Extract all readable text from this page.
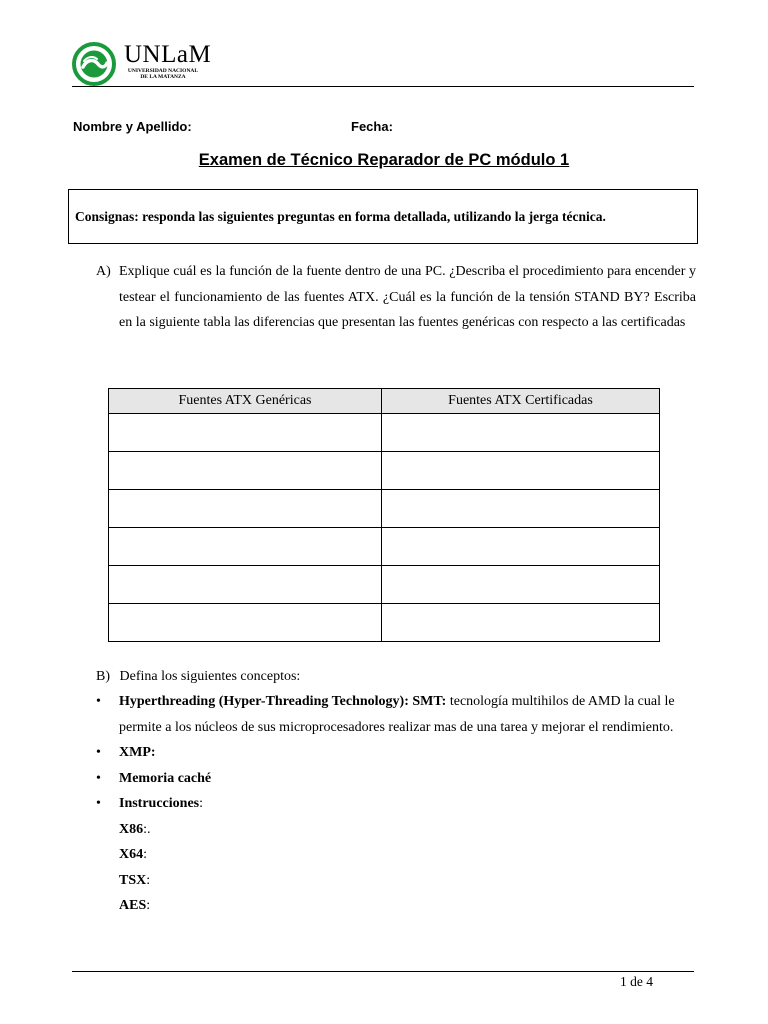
UNLaM
UNIVERSIDAD NACIONAL
DE LA MATANZA
Nombre y Apellido:	Fecha:
Examen de Técnico Reparador de PC módulo 1
Consignas: responda las siguientes preguntas en forma detallada, utilizando la jerga técnica.
A) Explique cuál es la función de la fuente dentro de una PC. ¿Describa el procedimiento para encender y testear el funcionamiento de las fuentes ATX. ¿Cuál es la función de la tensión STAND BY? Escriba en la siguiente tabla las diferencias que presentan las fuentes genéricas con respecto a las certificadas
Fuentes ATX Genéricas	Fuentes ATX Certificadas

B) Defina los siguientes conceptos:
• Hyperthreading (Hyper-Threading Technology): SMT: tecnología multihilos de AMD la cual le permite a los núcleos de sus microprocesadores realizar mas de una tarea y mejorar el rendimiento.
• XMP:
• Memoria caché
• Instrucciones:
X86:.
X64:
TSX:
AES:
1 de 4
